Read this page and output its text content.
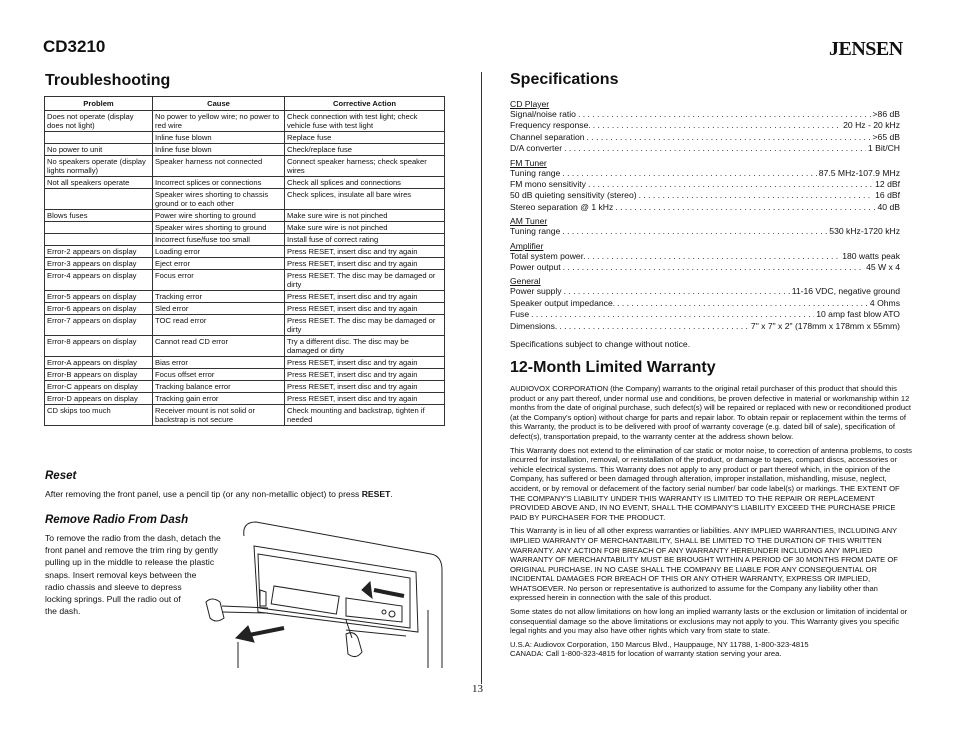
CD3210	JENSEN
Troubleshooting
Problem	Cause	Corrective Action
Does not operate (display does not light)	No power to yellow wire; no power to red wire	Check connection with test light; check vehicle fuse with test light
	Inline fuse blown	Replace fuse
No power to unit	Inline fuse blown	Check/replace fuse
No speakers operate (display lights normally)	Speaker harness not connected	Connect speaker harness; check speaker wires
Not all speakers operate	Incorrect splices or connections	Check all splices and connections
	Speaker wires shorting to chassis ground or to each other	Check splices, insulate all bare wires
Blows fuses	Power wire shorting to ground	Make sure wire is not pinched
	Speaker wires shorting to ground	Make sure wire is not pinched
	Incorrect fuse/fuse too small	Install fuse of correct rating
Error-2 appears on display	Loading error	Press RESET, insert disc and try again
Error-3 appears on display	Eject error	Press RESET, insert disc and try again
Error-4 appears on display	Focus error	Press RESET. The disc may be damaged or dirty
Error-5 appears on display	Tracking error	Press RESET, insert disc and try again
Error-6 appears on display	Sled error	Press RESET, insert disc and try again
Error-7 appears on display	TOC read error	Press RESET. The disc may be damaged or dirty
Error-8 appears on display	Cannot read CD error	Try a different disc. The disc may be damaged or dirty
Error-A appears on display	Bias error	Press RESET, insert disc and try again
Error-B appears on display	Focus offset error	Press RESET, insert disc and try again
Error-C appears on display	Tracking balance error	Press RESET, insert disc and try again
Error-D appears on display	Tracking gain error	Press RESET, insert disc and try again
CD skips too much	Receiver mount is not solid or backstrap is not secure	Check mounting and backstrap, tighten if needed
Reset
After removing the front panel, use a pencil tip (or any non-metallic object) to press RESET.
Remove Radio From Dash
To remove the radio from the dash, detach the
front panel and remove the trim ring by gently
pulling up in the middle to release the plastic
snaps. Insert removal keys between the
radio chassis and sleeve to depress
locking springs. Pull the radio out of
the dash.
Specifications
CD Player
Signal/noise ratio . . .	>86 dB
Frequency response. . . .	20 Hz - 20 kHz
Channel separation . . .	>65 dB
D/A converter . . .	1 Bit/CH
FM Tuner
Tuning range . . .	87.5 MHz-107.9 MHz
FM mono sensitivity . . .	12 dBf
50 dB quieting sensitivity (stereo) . . .	16 dBf
Stereo separation @ 1 kHz . . .	40 dB
AM Tuner
Tuning range . . .	530 kHz-1720 kHz
Amplifier
Total system power. . . .	180 watts peak
Power output . . .	45 W x 4
General
Power supply . . .	11-16 VDC, negative ground
Speaker output impedance. . . .	4 Ohms
Fuse . . .	10 amp fast blow ATO
Dimensions. . . .	7" x 7" x 2" (178mm x 178mm x 55mm)
Specifications subject to change without notice.
12-Month Limited Warranty

AUDIOVOX CORPORATION (the Company) warrants to the original retail purchaser of this product that should this product or any part thereof, under normal use and conditions, be proven defective in material or workmanship within 12 months from the date of original purchase, such defect(s) will be repaired or replaced with new or reconditioned product (at the Company's option) without charge for parts and repair labor. To obtain repair or replacement within the terms of this Warranty, the product is to be delivered with proof of warranty coverage (e.g. dated bill of sale), specification of defect(s), transportation prepaid, to the warranty center at the address shown below.

This Warranty does not extend to the elimination of car static or motor noise, to correction of antenna problems, to costs incurred for installation, removal, or reinstallation of the product, or damage to tapes, compact discs, accessories or vehicle electrical systems. This Warranty does not apply to any product or part thereof which, in the opinion of the Company, has suffered or been damaged through alteration, improper installation, mishandling, misuse, neglect, accident, or by removal or defacement of the factory serial number/ bar code label(s) or markings. THE EXTENT OF THE COMPANY'S LIABILITY UNDER THIS WARRANTY IS LIMITED TO THE REPAIR OR REPLACEMENT PROVIDED ABOVE AND, IN NO EVENT, SHALL THE COMPANY'S LIABILITY EXCEED THE PURCHASE PRICE PAID BY PURCHASER FOR THE PRODUCT.

This Warranty is in lieu of all other express warranties or liabilities. ANY IMPLIED WARRANTIES, INCLUDING ANY IMPLIED WARRANTY OF MERCHANTABILITY, SHALL BE LIMITED TO THE DURATION OF THIS WRITTEN WARRANTY. ANY ACTION FOR BREACH OF ANY WARRANTY HEREUNDER INCLUDING ANY IMPLIED WARRANTY OF MERCHANTABILITY MUST BE BROUGHT WITHIN A PERIOD OF 30 MONTHS FROM DATE OF ORIGINAL PURCHASE. IN NO CASE SHALL THE COMPANY BE LIABLE FOR ANY CONSEQUENTIAL OR INCIDENTAL DAMAGES FOR BREACH OF THIS OR ANY OTHER WARRANTY, EXPRESS OR IMPLIED, WHATSOEVER. No person or representative is authorized to assume for the Company any liability other than expressed herein in connection with the sale of this product.

Some states do not allow limitations on how long an implied warranty lasts or the exclusion or limitation of incidental or consequential damage so the above limitations or exclusions may not apply to you. This Warranty gives you specific legal rights and you may also have other rights which vary from state to state.

U.S.A: Audiovox Corporation, 150 Marcus Blvd., Hauppauge, NY 11788, 1-800-323-4815
CANADA: Call 1-800-323-4815 for location of warranty station serving your area.

13
